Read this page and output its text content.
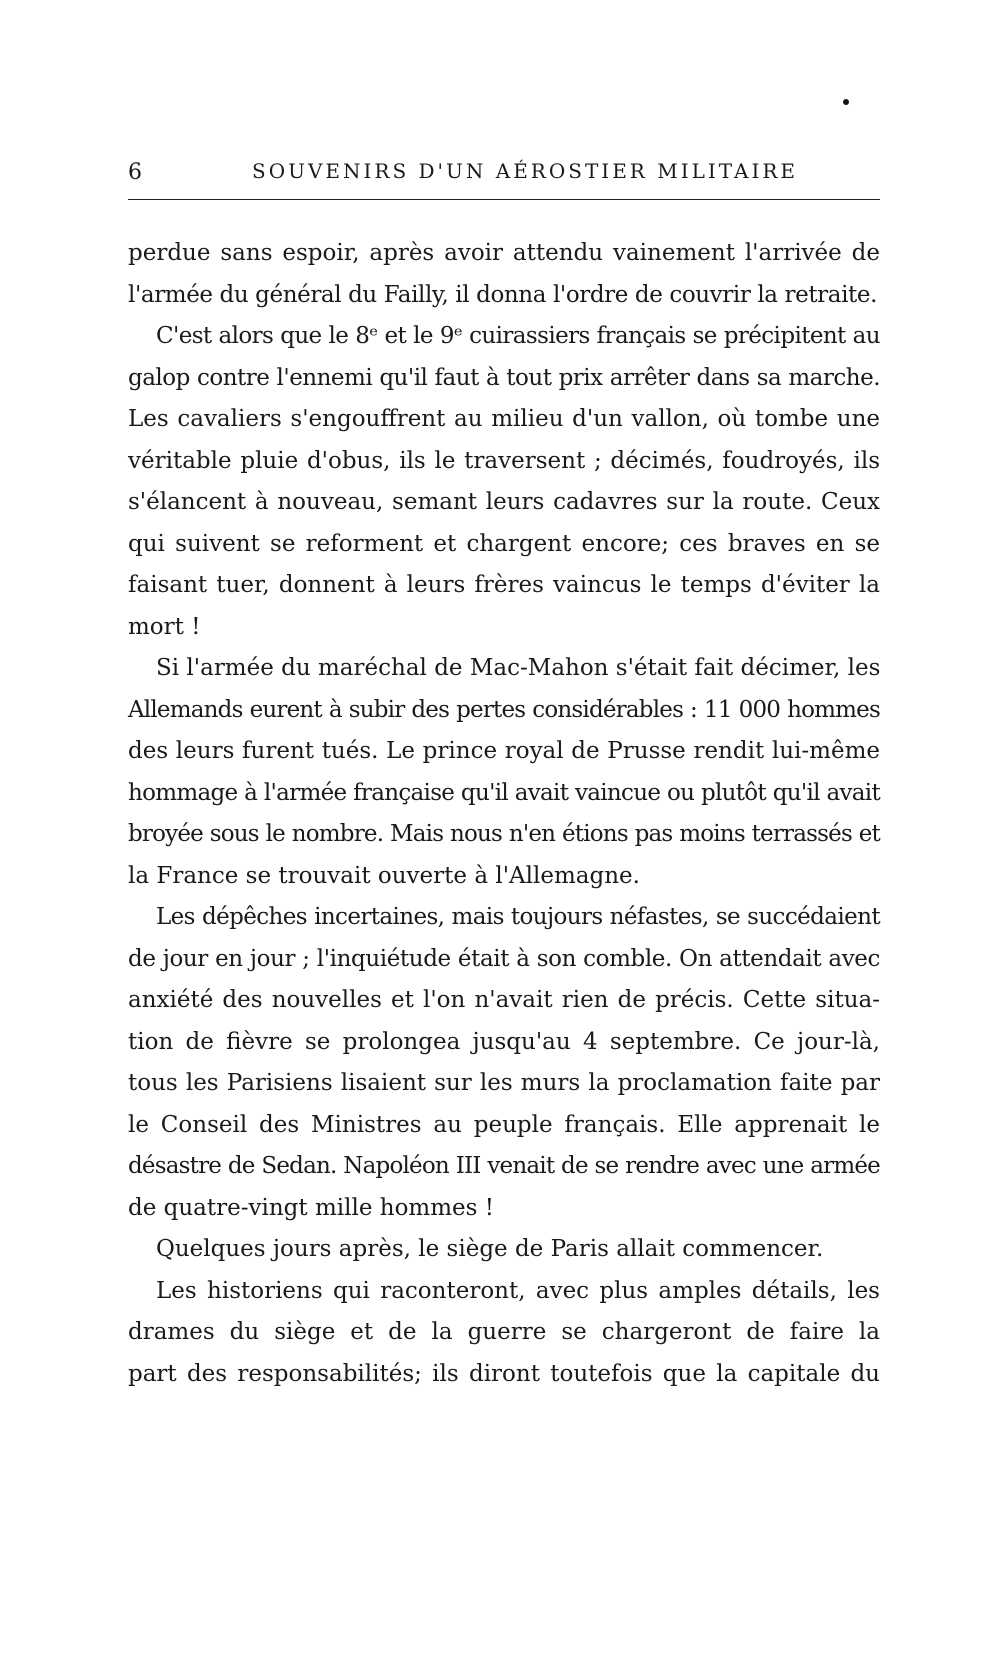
6	SOUVENIRS D'UN AÉROSTIER MILITAIRE
perdue sans espoir, après avoir attendu vainement l'arrivée de
l'armée du général du Failly, il donna l'ordre de couvrir la retraite.
C'est alors que le 8ᵉ et le 9ᵉ cuirassiers français se précipitent au
galop contre l'ennemi qu'il faut à tout prix arrêter dans sa marche.
Les cavaliers s'engouffrent au milieu d'un vallon, où tombe une
véritable pluie d'obus, ils le traversent ; décimés, foudroyés, ils
s'élancent à nouveau, semant leurs cadavres sur la route. Ceux
qui suivent se reforment et chargent encore; ces braves en se
faisant tuer, donnent à leurs frères vaincus le temps d'éviter la
mort !
Si l'armée du maréchal de Mac-Mahon s'était fait décimer, les
Allemands eurent à subir des pertes considérables : 11 000 hommes
des leurs furent tués. Le prince royal de Prusse rendit lui-même
hommage à l'armée française qu'il avait vaincue ou plutôt qu'il avait
broyée sous le nombre. Mais nous n'en étions pas moins terrassés et
la France se trouvait ouverte à l'Allemagne.
Les dépêches incertaines, mais toujours néfastes, se succédaient
de jour en jour ; l'inquiétude était à son comble. On attendait avec
anxiété des nouvelles et l'on n'avait rien de précis. Cette situa-
tion de fièvre se prolongea jusqu'au 4 septembre. Ce jour-là,
tous les Parisiens lisaient sur les murs la proclamation faite par
le Conseil des Ministres au peuple français. Elle apprenait le
désastre de Sedan. Napoléon III venait de se rendre avec une armée
de quatre-vingt mille hommes !
Quelques jours après, le siège de Paris allait commencer.
Les historiens qui raconteront, avec plus amples détails, les
drames du siège et de la guerre se chargeront de faire la
part des responsabilités; ils diront toutefois que la capitale du
